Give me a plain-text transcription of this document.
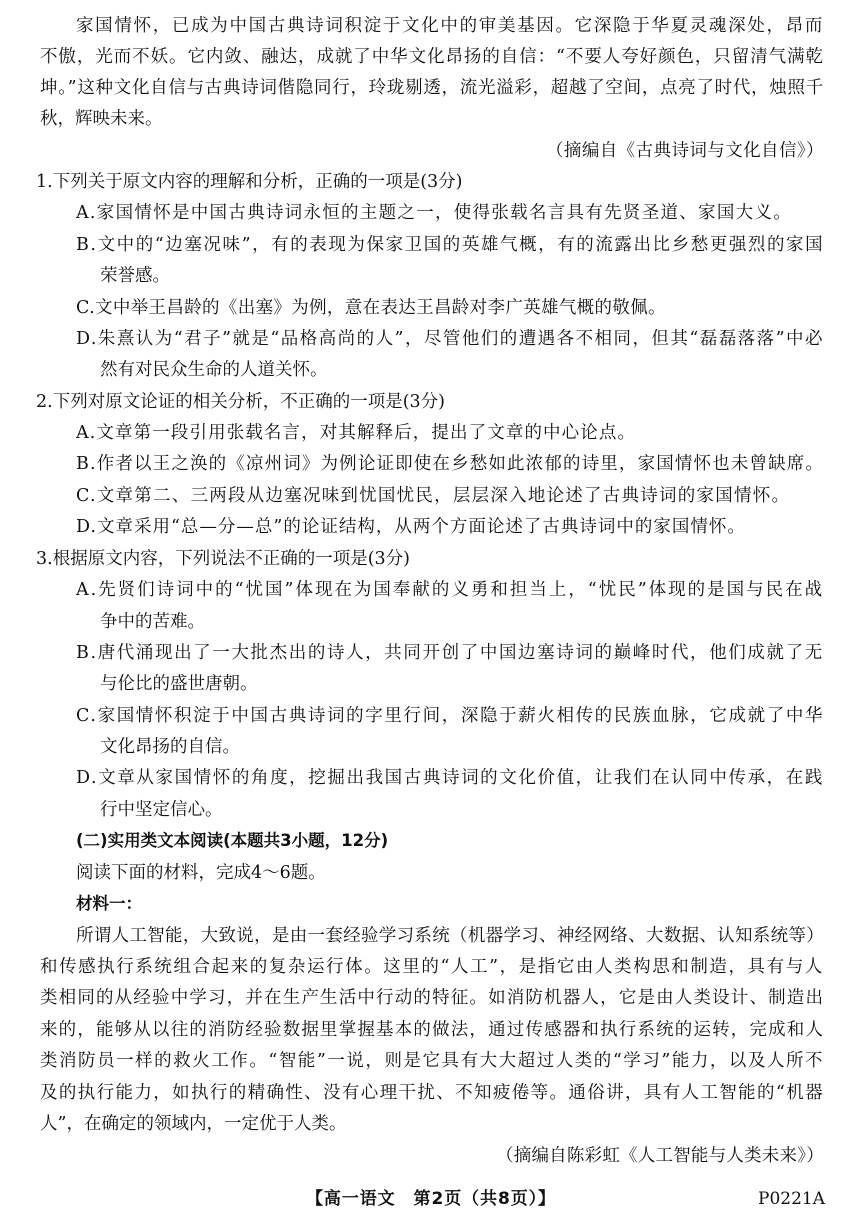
家国情怀，已成为中国古典诗词积淀于文化中的审美基因。它深隐于华夏灵魂深处，昂而
不傲，光而不妖。它内敛、融达，成就了中华文化昂扬的自信：“不要人夸好颜色，只留清气满乾
坤。”这种文化自信与古典诗词偕隐同行，玲珑剔透，流光溢彩，超越了空间，点亮了时代，烛照千
秋，辉映未来。
（摘编自《古典诗词与文化自信》）
1.下列关于原文内容的理解和分析，正确的一项是(3分)
A.家国情怀是中国古典诗词永恒的主题之一，使得张载名言具有先贤圣道、家国大义。
B.文中的“边塞况味”，有的表现为保家卫国的英雄气概，有的流露出比乡愁更强烈的家国
荣誉感。
C.文中举王昌龄的《出塞》为例，意在表达王昌龄对李广英雄气概的敬佩。
D.朱熹认为“君子”就是“品格高尚的人”，尽管他们的遭遇各不相同，但其“磊磊落落”中必
然有对民众生命的人道关怀。
2.下列对原文论证的相关分析，不正确的一项是(3分)
A.文章第一段引用张载名言，对其解释后，提出了文章的中心论点。
B.作者以王之涣的《凉州词》为例论证即使在乡愁如此浓郁的诗里，家国情怀也未曾缺席。
C.文章第二、三两段从边塞况味到忧国忧民，层层深入地论述了古典诗词的家国情怀。
D.文章采用“总—分—总”的论证结构，从两个方面论述了古典诗词中的家国情怀。
3.根据原文内容，下列说法不正确的一项是(3分)
A.先贤们诗词中的“忧国”体现在为国奉献的义勇和担当上，“忧民”体现的是国与民在战
争中的苦难。
B.唐代涌现出了一大批杰出的诗人，共同开创了中国边塞诗词的巅峰时代，他们成就了无
与伦比的盛世唐朝。
C.家国情怀积淀于中国古典诗词的字里行间，深隐于薪火相传的民族血脉，它成就了中华
文化昂扬的自信。
D.文章从家国情怀的角度，挖掘出我国古典诗词的文化价值，让我们在认同中传承，在践
行中坚定信心。
(二)实用类文本阅读(本题共3小题，12分)
阅读下面的材料，完成4～6题。
材料一：
所谓人工智能，大致说，是由一套经验学习系统（机器学习、神经网络、大数据、认知系统等）
和传感执行系统组合起来的复杂运行体。这里的“人工”，是指它由人类构思和制造，具有与人
类相同的从经验中学习，并在生产生活中行动的特征。如消防机器人，它是由人类设计、制造出
来的，能够从以往的消防经验数据里掌握基本的做法，通过传感器和执行系统的运转，完成和人
类消防员一样的救火工作。“智能”一说，则是它具有大大超过人类的“学习”能力，以及人所不
及的执行能力，如执行的精确性、没有心理干扰、不知疲倦等。通俗讲，具有人工智能的“机器
人”，在确定的领域内，一定优于人类。
（摘编自陈彩虹《人工智能与人类未来》）
【高一语文　第2页（共8页）】	P0221A
